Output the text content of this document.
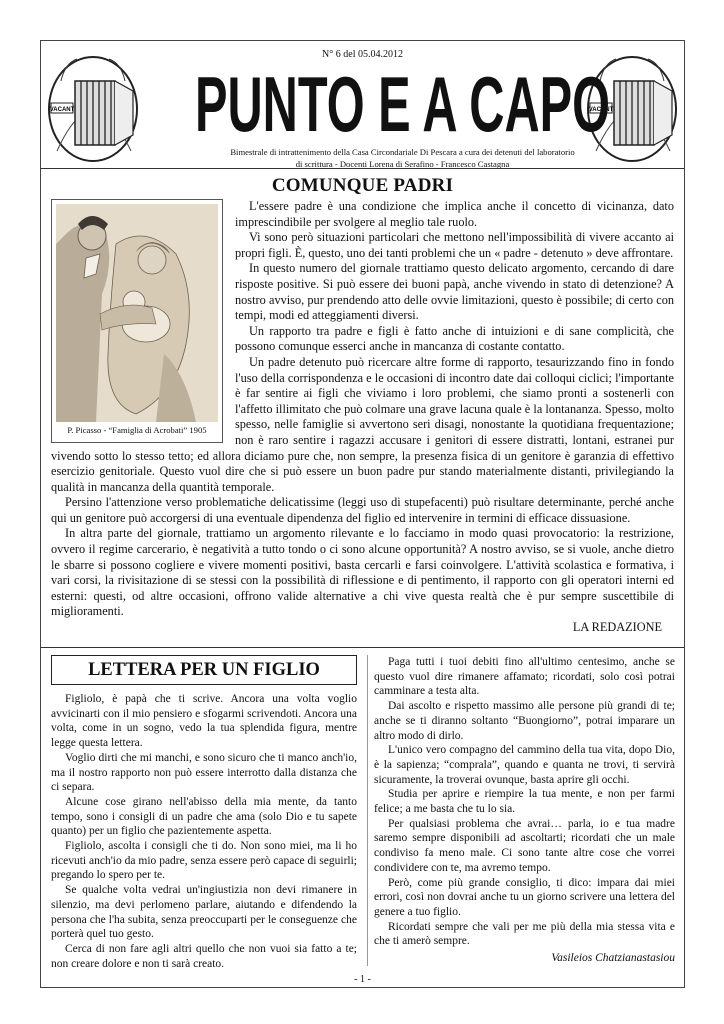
VACANT	VACANT
N° 6 del 05.04.2012
PUNTO E A CAPO
Bimestrale di intrattenimento della Casa Circondariale Di Pescara a cura dei detenuti del laboratorio
di scrittura - Docenti Lorena di Serafino - Francesco Castagna
COMUNQUE PADRI
P. Picasso - “Famiglia di Acrobati” 1905

L'essere padre è una condizione che implica anche il concetto di vicinanza, dato imprescindibile per svolgere al meglio tale ruolo.

Vi sono però situazioni particolari che mettono nell'impossibilità di vivere accanto ai propri figli. È, questo, uno dei tanti problemi che un « padre - detenuto » deve affrontare.

In questo numero del giornale trattiamo questo delicato argomento, cercando di dare risposte positive. Si può essere dei buoni papà, anche vivendo in stato di detenzione? A nostro avviso, pur prendendo atto delle ovvie limitazioni, questo è possibile; di certo con tempi, modi ed atteggiamenti diversi.

Un rapporto tra padre e figli è fatto anche di intuizioni e di sane complicità, che possono comunque esserci anche in mancanza di costante contatto.

Un padre detenuto può ricercare altre forme di rapporto, tesaurizzando fino in fondo l'uso della corrispondenza e le occasioni di incontro date dai colloqui ciclici; l'importante è far sentire ai figli che viviamo i loro problemi, che siamo pronti a sostenerli con l'affetto illimitato che può colmare una grave lacuna quale è la lontananza. Spesso, molto spesso, nelle famiglie si avvertono seri disagi, nonostante la quotidiana frequentazione; non è raro sentire i ragazzi accusare i genitori di essere distratti, lontani, estranei pur vivendo sotto lo stesso tetto; ed allora diciamo pure che, non sempre, la presenza fisica di un genitore è garanzia di effettivo esercizio genitoriale. Questo vuol dire che si può essere un buon padre pur stando materialmente distanti, privilegiando la qualità in mancanza della quantità temporale.

Persino l'attenzione verso problematiche delicatissime (leggi uso di stupefacenti) può risultare determinante, perché anche qui un genitore può accorgersi di una eventuale dipendenza del figlio ed intervenire in termini di efficace dissuasione.

In altra parte del giornale, trattiamo un argomento rilevante e lo facciamo in modo quasi provocatorio: la restrizione, ovvero il regime carcerario, è negatività a tutto tondo o ci sono alcune opportunità? A nostro avviso, se si vuole, anche dietro le sbarre si possono cogliere e vivere momenti positivi, basta cercarli e farsi coinvolgere. L'attività scolastica e formativa, i vari corsi, la rivisitazione di se stessi con la possibilità di riflessione e di pentimento, il rapporto con gli operatori interni ed esterni: questi, od altre occasioni, offrono valide alternative a chi vive questa realtà che è pur sempre suscettibile di miglioramenti.

LA REDAZIONE
LETTERA PER UN FIGLIO

Figliolo, è papà che ti scrive. Ancora una volta voglio avvicinarti con il mio pensiero e sfogarmi scrivendoti. Ancora una volta, come in un sogno, vedo la tua splendida figura, mentre legge questa lettera.

Voglio dirti che mi manchi, e sono sicuro che ti manco anch'io, ma il nostro rapporto non può essere interrotto dalla distanza che ci separa.

Alcune cose girano nell'abisso della mia mente, da tanto tempo, sono i consigli di un padre che ama (solo Dio e tu sapete quanto) per un figlio che pazientemente aspetta.

Figliolo, ascolta i consigli che ti do. Non sono miei, ma li ho ricevuti anch'io da mio padre, senza essere però capace di seguirli; pregando lo spero per te.

Se qualche volta vedrai un'ingiustizia non devi rimanere in silenzio, ma devi perlomeno parlare, aiutando e difendendo la persona che l'ha subita, senza preoccuparti per le conseguenze che porterà quel tuo gesto.

Cerca di non fare agli altri quello che non vuoi sia fatto a te; non creare dolore e non ti sarà creato.

Paga tutti i tuoi debiti fino all'ultimo centesimo, anche se questo vuol dire rimanere affamato; ricordati, solo così potrai camminare a testa alta.

Dai ascolto e rispetto massimo alle persone più grandi di te; anche se ti diranno soltanto “Buongiorno”, potrai imparare un altro modo di dirlo.

L'unico vero compagno del cammino della tua vita, dopo Dio, è la sapienza; “comprala”, quando e quanta ne trovi, ti servirà sicuramente, la troverai ovunque, basta aprire gli occhi.

Studia per aprire e riempire la tua mente, e non per farmi felice; a me basta che tu lo sia.

Per qualsiasi problema che avrai… parla, io e tua madre saremo sempre disponibili ad ascoltarti; ricordati che un male condiviso fa meno male. Ci sono tante altre cose che vorrei condividere con te, ma avremo tempo.

Però, come più grande consiglio, ti dico: impara dai miei errori, così non dovrai anche tu un giorno scrivere una lettera del genere a tuo figlio.

Ricordati sempre che vali per me più della mia stessa vita e che ti amerò sempre.

Vasileios Chatzianastasiou
- 1 -
